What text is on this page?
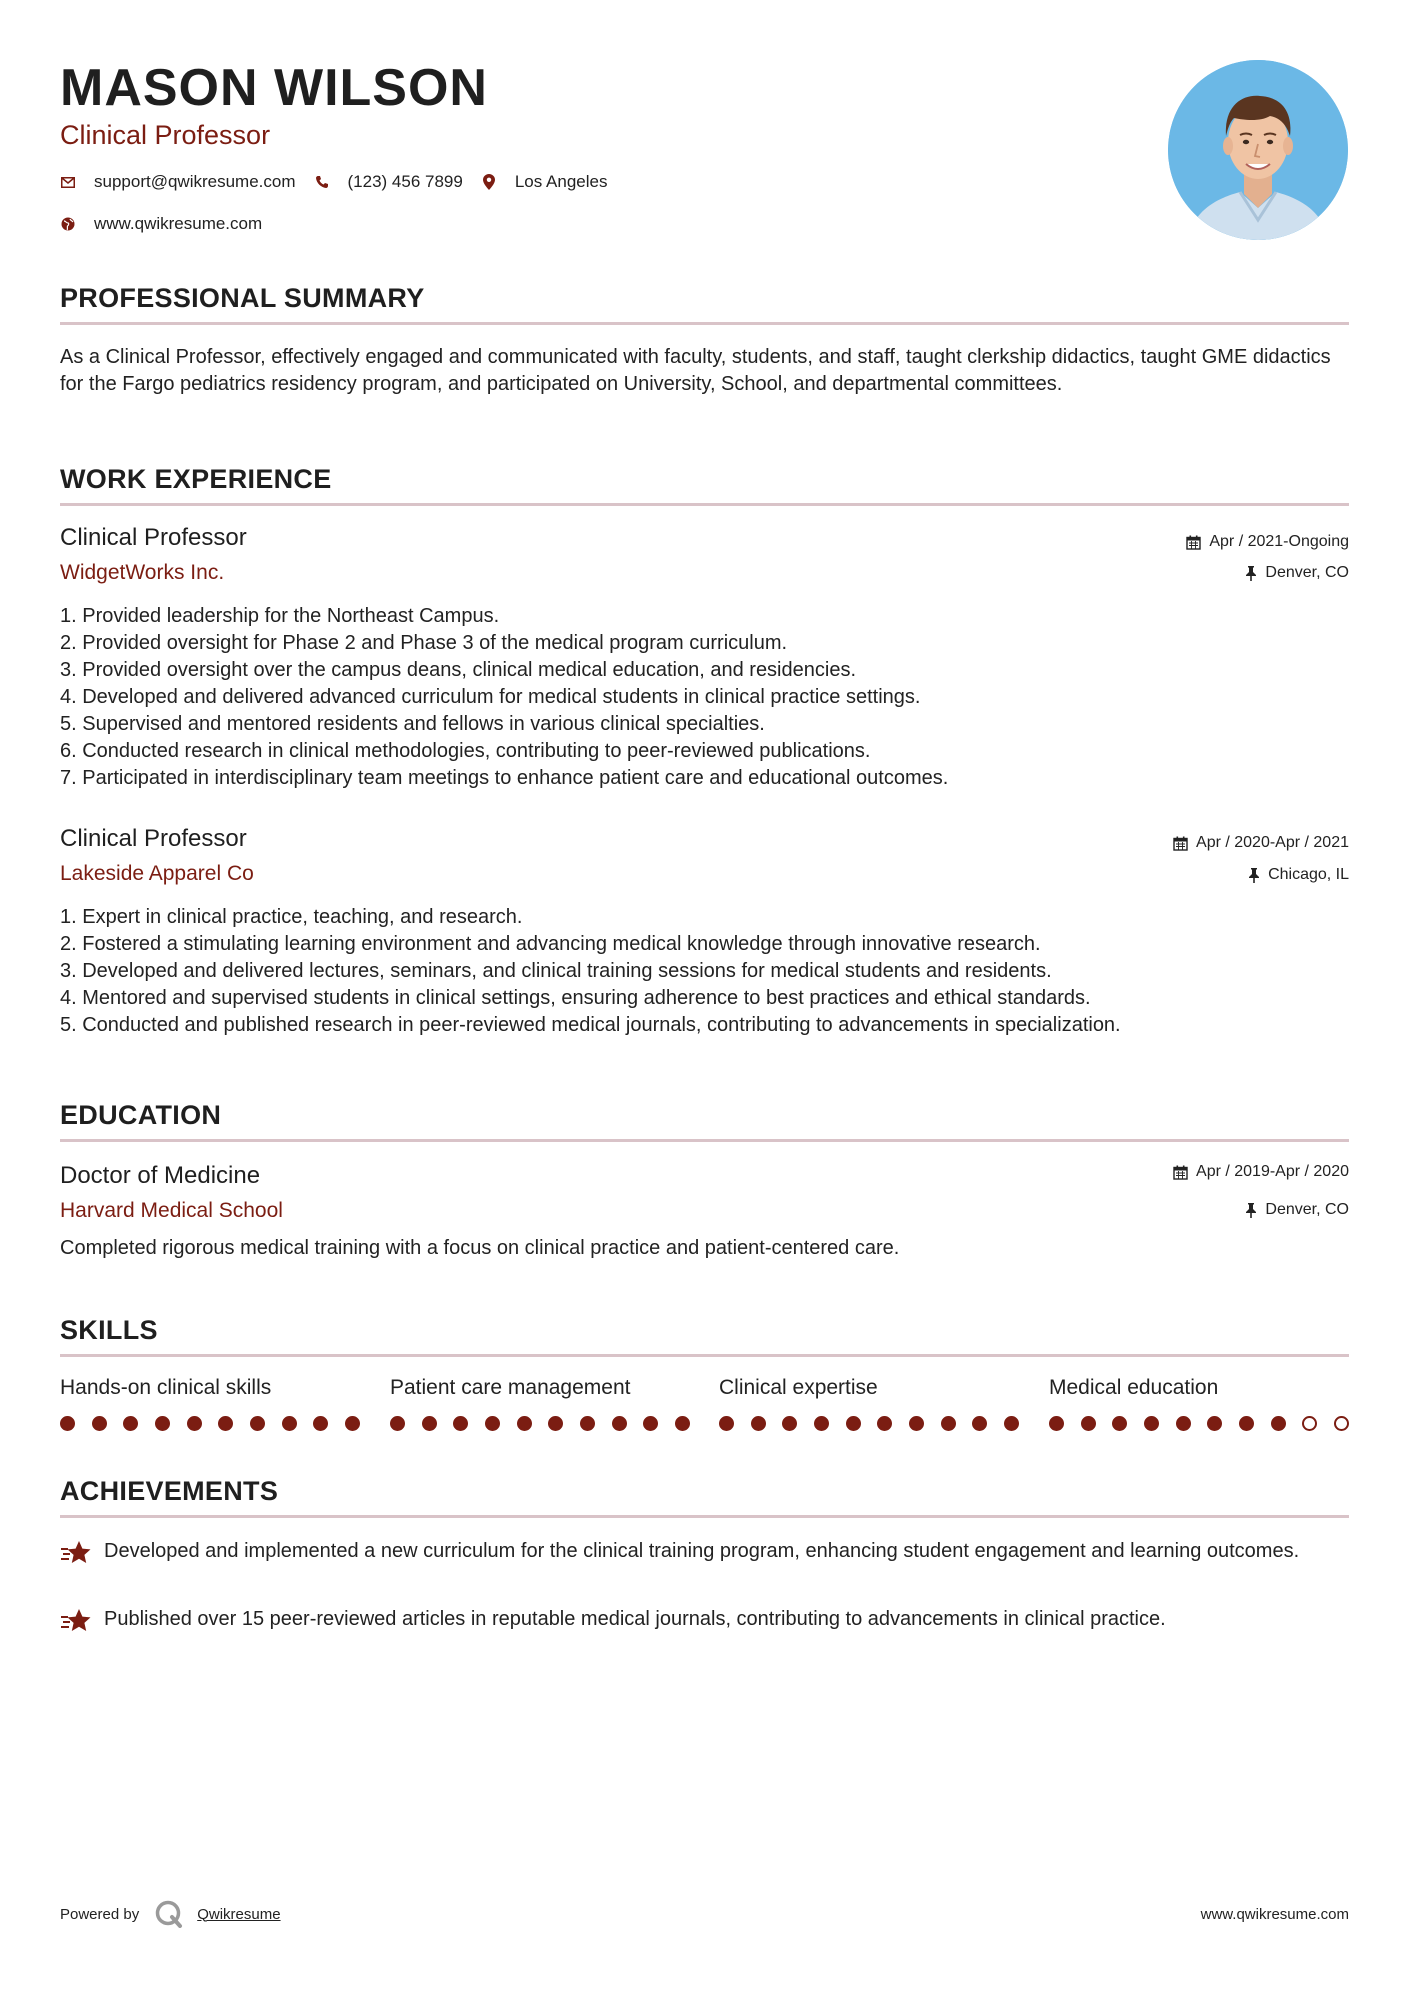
MASON WILSON
Clinical Professor
support@qwikresume.com	(123) 456 7899	Los Angeles
www.qwikresume.com
PROFESSIONAL SUMMARY
As a Clinical Professor, effectively engaged and communicated with faculty, students, and staff, taught clerkship didactics, taught GME didactics for the Fargo pediatrics residency program, and participated on University, School, and departmental committees.
WORK EXPERIENCE
Clinical Professor
WidgetWorks Inc.
Apr / 2021-Ongoing
Denver, CO
1. Provided leadership for the Northeast Campus.
2. Provided oversight for Phase 2 and Phase 3 of the medical program curriculum.
3. Provided oversight over the campus deans, clinical medical education, and residencies.
4. Developed and delivered advanced curriculum for medical students in clinical practice settings.
5. Supervised and mentored residents and fellows in various clinical specialties.
6. Conducted research in clinical methodologies, contributing to peer-reviewed publications.
7. Participated in interdisciplinary team meetings to enhance patient care and educational outcomes.
Clinical Professor
Lakeside Apparel Co
Apr / 2020-Apr / 2021
Chicago, IL
1. Expert in clinical practice, teaching, and research.
2. Fostered a stimulating learning environment and advancing medical knowledge through innovative research.
3. Developed and delivered lectures, seminars, and clinical training sessions for medical students and residents.
4. Mentored and supervised students in clinical settings, ensuring adherence to best practices and ethical standards.
5. Conducted and published research in peer-reviewed medical journals, contributing to advancements in specialization.
EDUCATION
Doctor of Medicine
Harvard Medical School
Apr / 2019-Apr / 2020
Denver, CO
Completed rigorous medical training with a focus on clinical practice and patient-centered care.
SKILLS
Hands-on clinical skills	Patient care management	Clinical expertise	Medical education
ACHIEVEMENTS
Developed and implemented a new curriculum for the clinical training program, enhancing student engagement and learning outcomes.
Published over 15 peer-reviewed articles in reputable medical journals, contributing to advancements in clinical practice.
Powered by	Qwikresume	www.qwikresume.com
